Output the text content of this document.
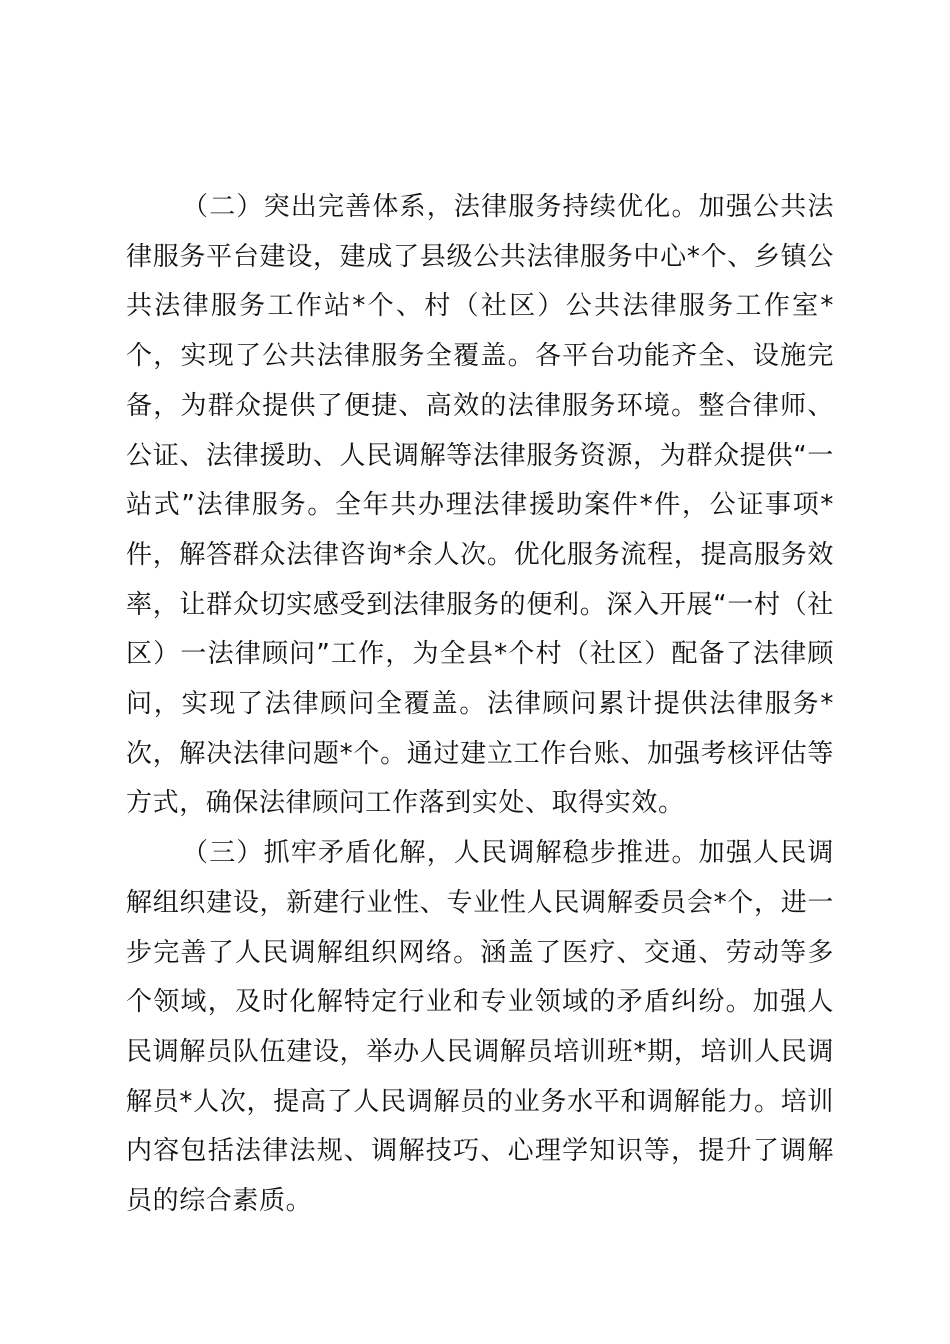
（二）突出完善体系，法律服务持续优化。加强公共法律服务平台建设，建成了县级公共法律服务中心*个、乡镇公共法律服务工作站*个、村（社区）公共法律服务工作室*个，实现了公共法律服务全覆盖。各平台功能齐全、设施完备，为群众提供了便捷、高效的法律服务环境。整合律师、公证、法律援助、人民调解等法律服务资源，为群众提供“一站式”法律服务。全年共办理法律援助案件*件，公证事项*件，解答群众法律咨询*余人次。优化服务流程，提高服务效率，让群众切实感受到法律服务的便利。深入开展“一村（社区）一法律顾问”工作，为全县*个村（社区）配备了法律顾问，实现了法律顾问全覆盖。法律顾问累计提供法律服务*次，解决法律问题*个。通过建立工作台账、加强考核评估等方式，确保法律顾问工作落到实处、取得实效。

（三）抓牢矛盾化解，人民调解稳步推进。加强人民调解组织建设，新建行业性、专业性人民调解委员会*个，进一步完善了人民调解组织网络。涵盖了医疗、交通、劳动等多个领域，及时化解特定行业和专业领域的矛盾纠纷。加强人民调解员队伍建设，举办人民调解员培训班*期，培训人民调解员*人次，提高了人民调解员的业务水平和调解能力。培训内容包括法律法规、调解技巧、心理学知识等，提升了调解员的综合素质。
